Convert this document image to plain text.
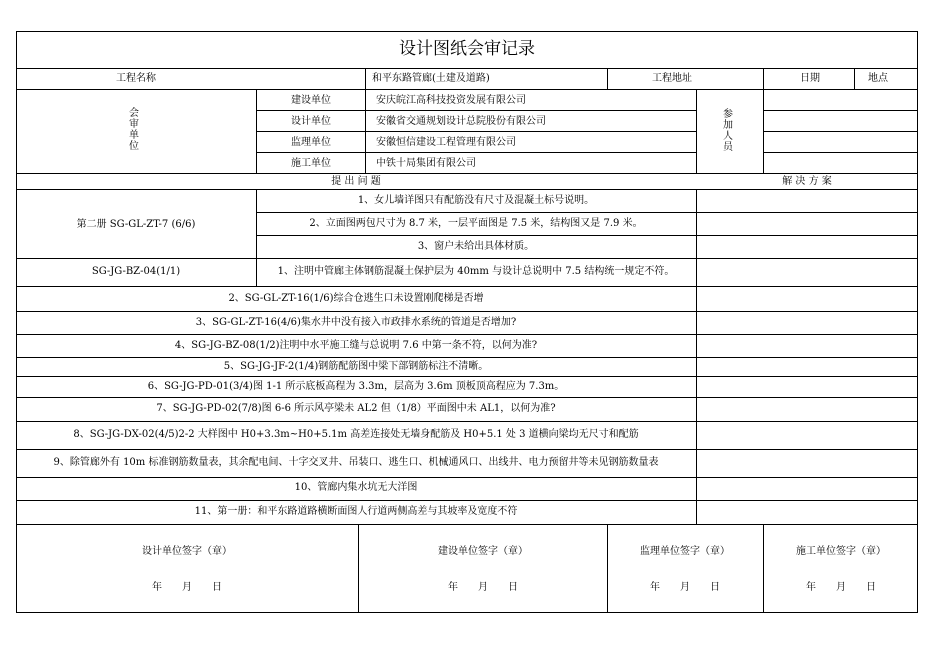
设计图纸会审记录
工程名称	和平东路管廊(土建及道路)	工程地址	日期	地点
会审单位
参加人员
建设单位	安庆皖江高科技投资发展有限公司
设计单位	安徽省交通规划设计总院股份有限公司
监理单位	安徽恒信建设工程管理有限公司
施工单位	中铁十局集团有限公司
提 出 问 题	解 决 方 案
第二册 SG-GL-ZT-7 (6/6)
1、女儿墙详图只有配筋没有尺寸及混凝土标号说明。
2、立面图两包尺寸为 8.7 米，一层平面图是 7.5 米，结构图又是 7.9 米。
3、窗户未给出具体材质。
SG-JG-BZ-04(1/1)	1、注明中管廊主体钢筋混凝土保护层为 40mm 与设计总说明中 7.5 结构统一规定不符。
2、SG-GL-ZT-16(1/6)综合仓逃生口未设置刚爬梯是否增
3、SG-GL-ZT-16(4/6)集水井中没有接入市政排水系统的管道是否增加?
4、SG-JG-BZ-08(1/2)注明中水平施工缝与总说明 7.6 中第一条不符，以何为准?
5、SG-JG-JF-2(1/4)钢筋配筋图中梁下部钢筋标注不清晰。
6、SG-JG-PD-01(3/4)图 1-1 所示底板高程为 3.3m，层高为 3.6m 顶板顶高程应为 7.3m。
7、SG-JG-PD-02(7/8)图 6-6 所示风亭梁未 AL2 但（1/8）平面图中未 AL1，以何为准?
8、SG-JG-DX-02(4/5)2-2 大样图中 H0+3.3m~H0+5.1m 高差连接处无墙身配筋及 H0+5.1 处 3 道横向梁均无尺寸和配筋
9、除管廊外有 10m 标准钢筋数量表，其余配电间、十字交叉井、吊装口、逃生口、机械通风口、出线井、电力预留井等未见钢筋数量表
10、管廊内集水坑无大洋图
11、第一册：和平东路道路横断面图人行道两侧高差与其坡率及宽度不符
设计单位签字（章）
年　　月　　日
建设单位签字（章）
年　　月　　日
监理单位签字（章）
年　　月　　日
施工单位签字（章）
年　　月　　日
